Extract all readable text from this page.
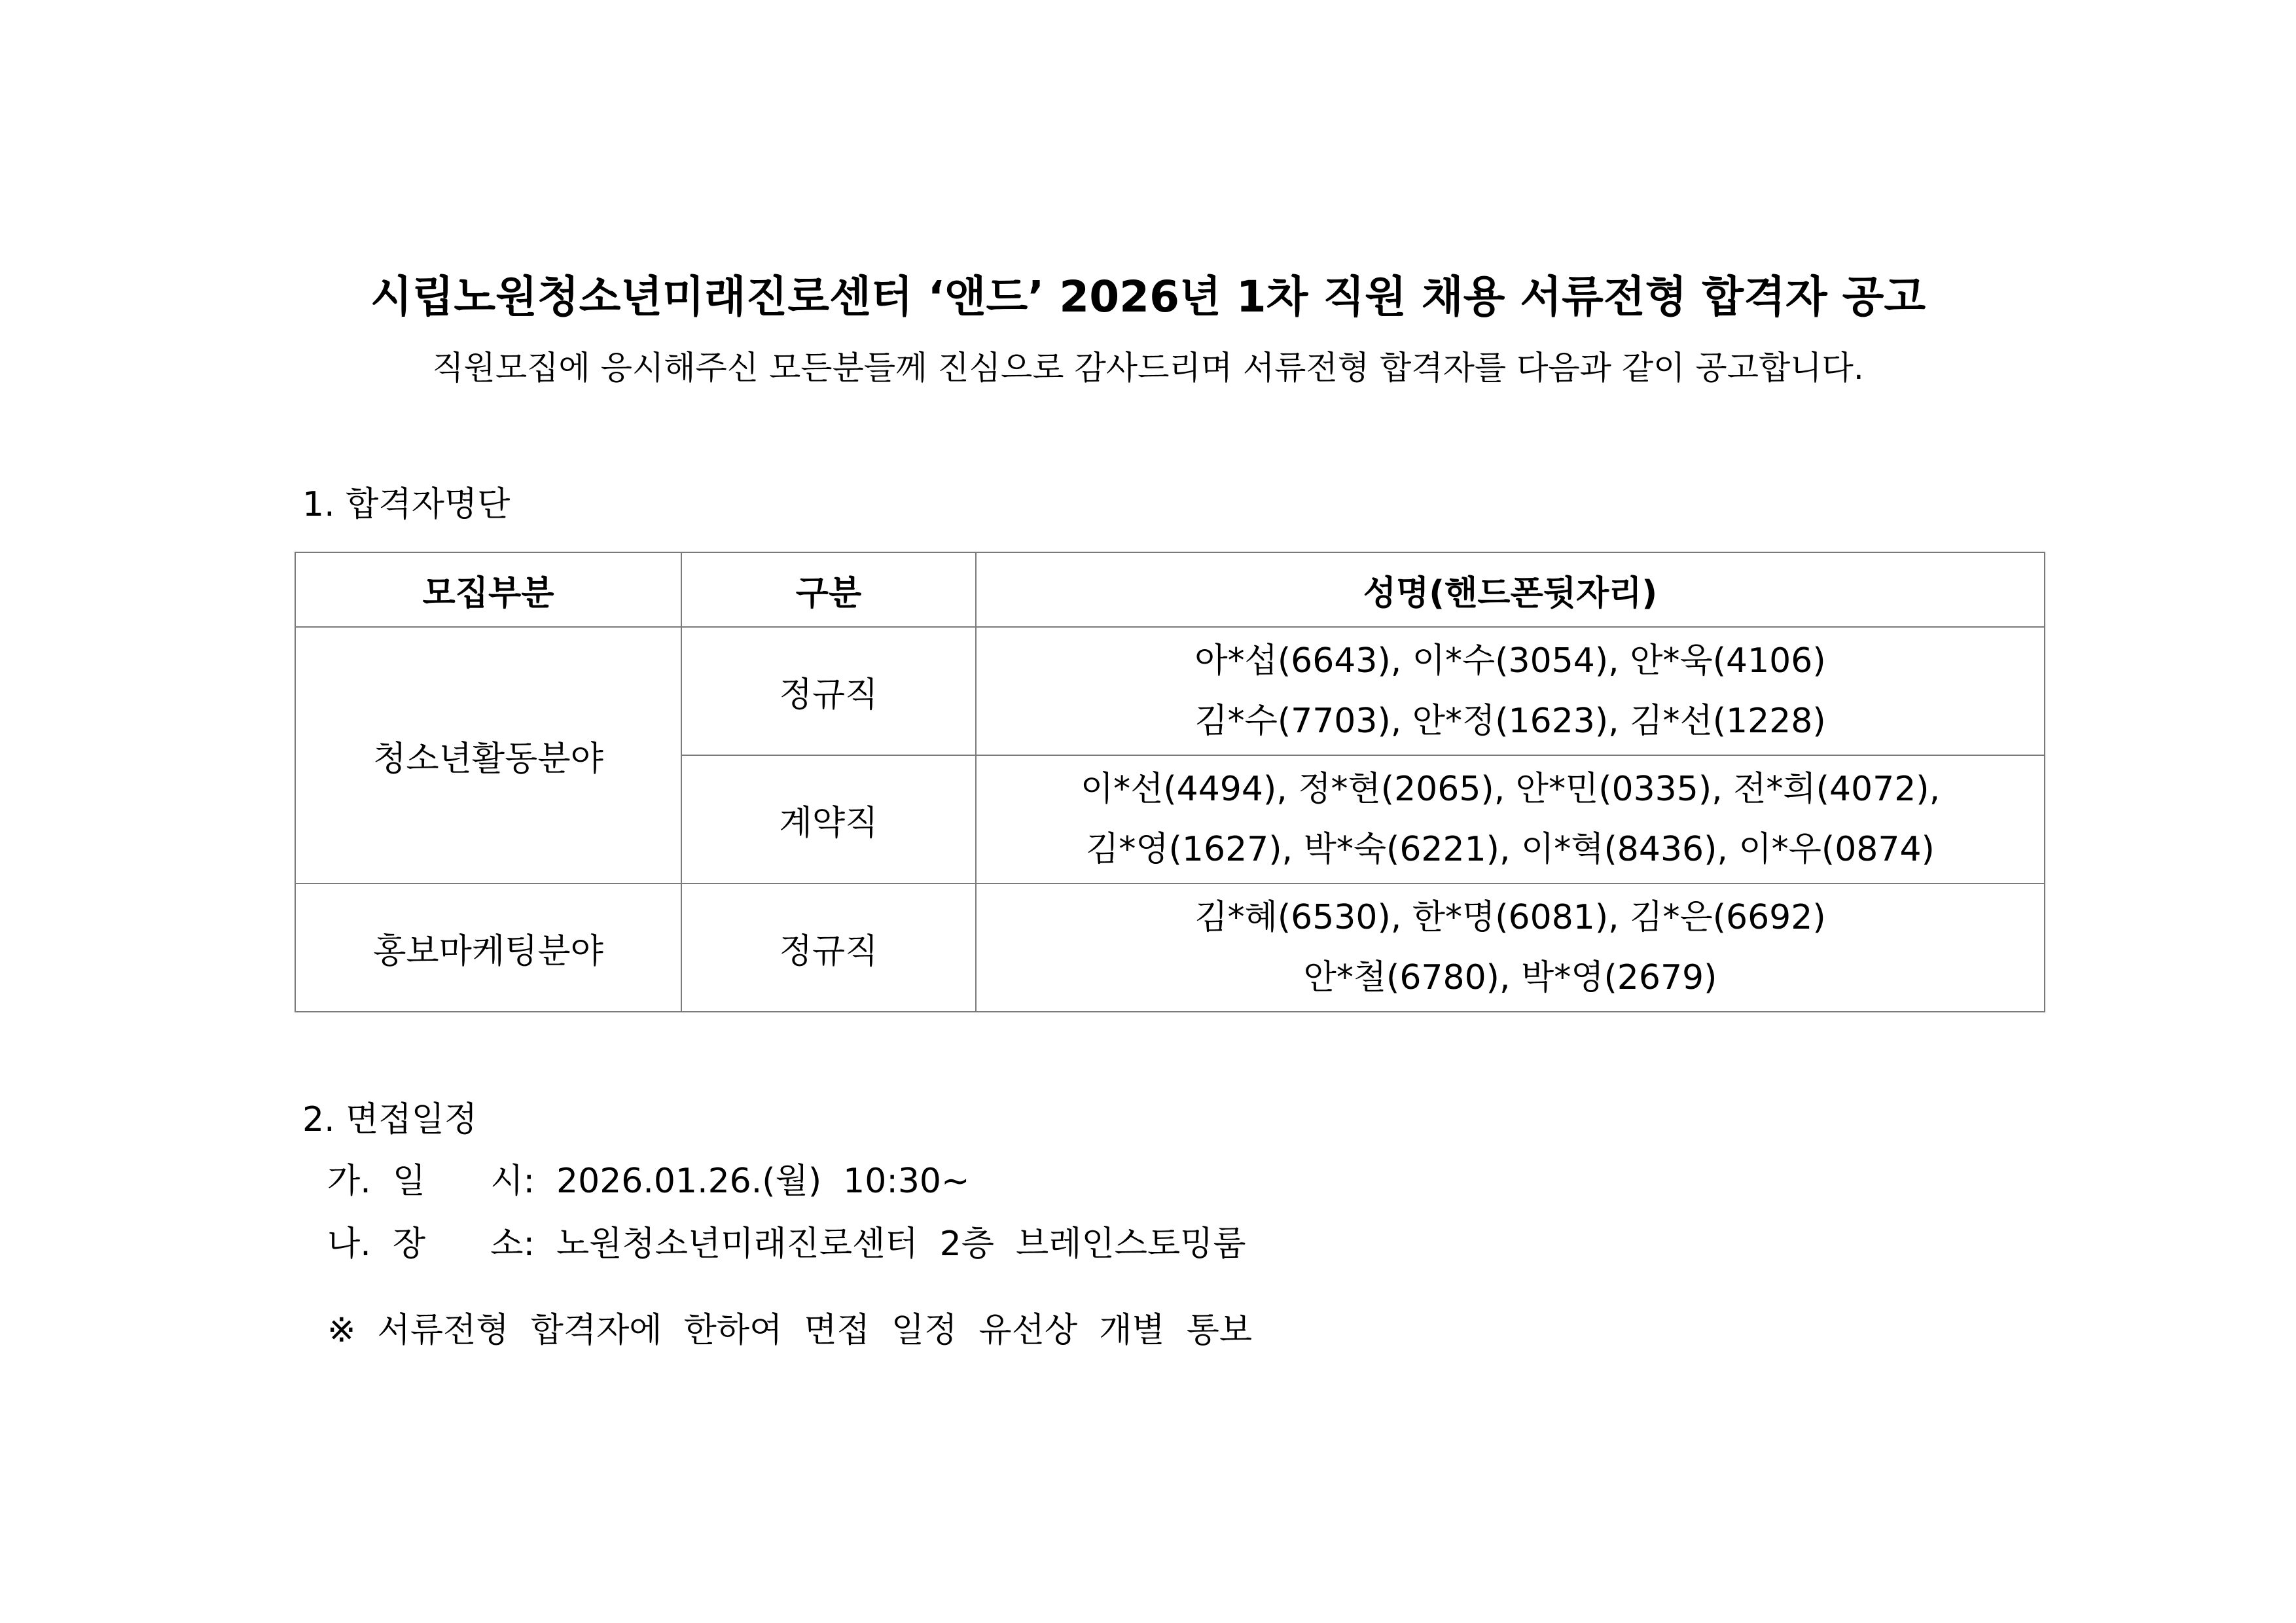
시립노원청소년미래진로센터 ‘앤드’ 2026년 1차 직원 채용 서류전형 합격자 공고
직원모집에 응시해주신 모든분들께 진심으로 감사드리며 서류전형 합격자를 다음과 같이 공고합니다.
1. 합격자명단
모집부분	구분	성명(핸드폰뒷자리)
청소년활동분야	정규직	아*섭(6643), 이*수(3054), 안*욱(4106)
김*수(7703), 안*정(1623), 김*선(1228)

	계약직	이*선(4494), 정*현(2065), 안*민(0335), 전*희(4072),
김*영(1627), 박*숙(6221), 이*혁(8436), 이*우(0874)

홍보마케팅분야	정규직	김*혜(6530), 한*명(6081), 김*은(6692)
안*철(6780), 박*영(2679)
2. 면접일정
가.  일      시:  2026.01.26.(월)  10:30~
나.  장      소:  노원청소년미래진로센터  2층  브레인스토밍룸
※  서류전형  합격자에  한하여  면접  일정  유선상  개별  통보
